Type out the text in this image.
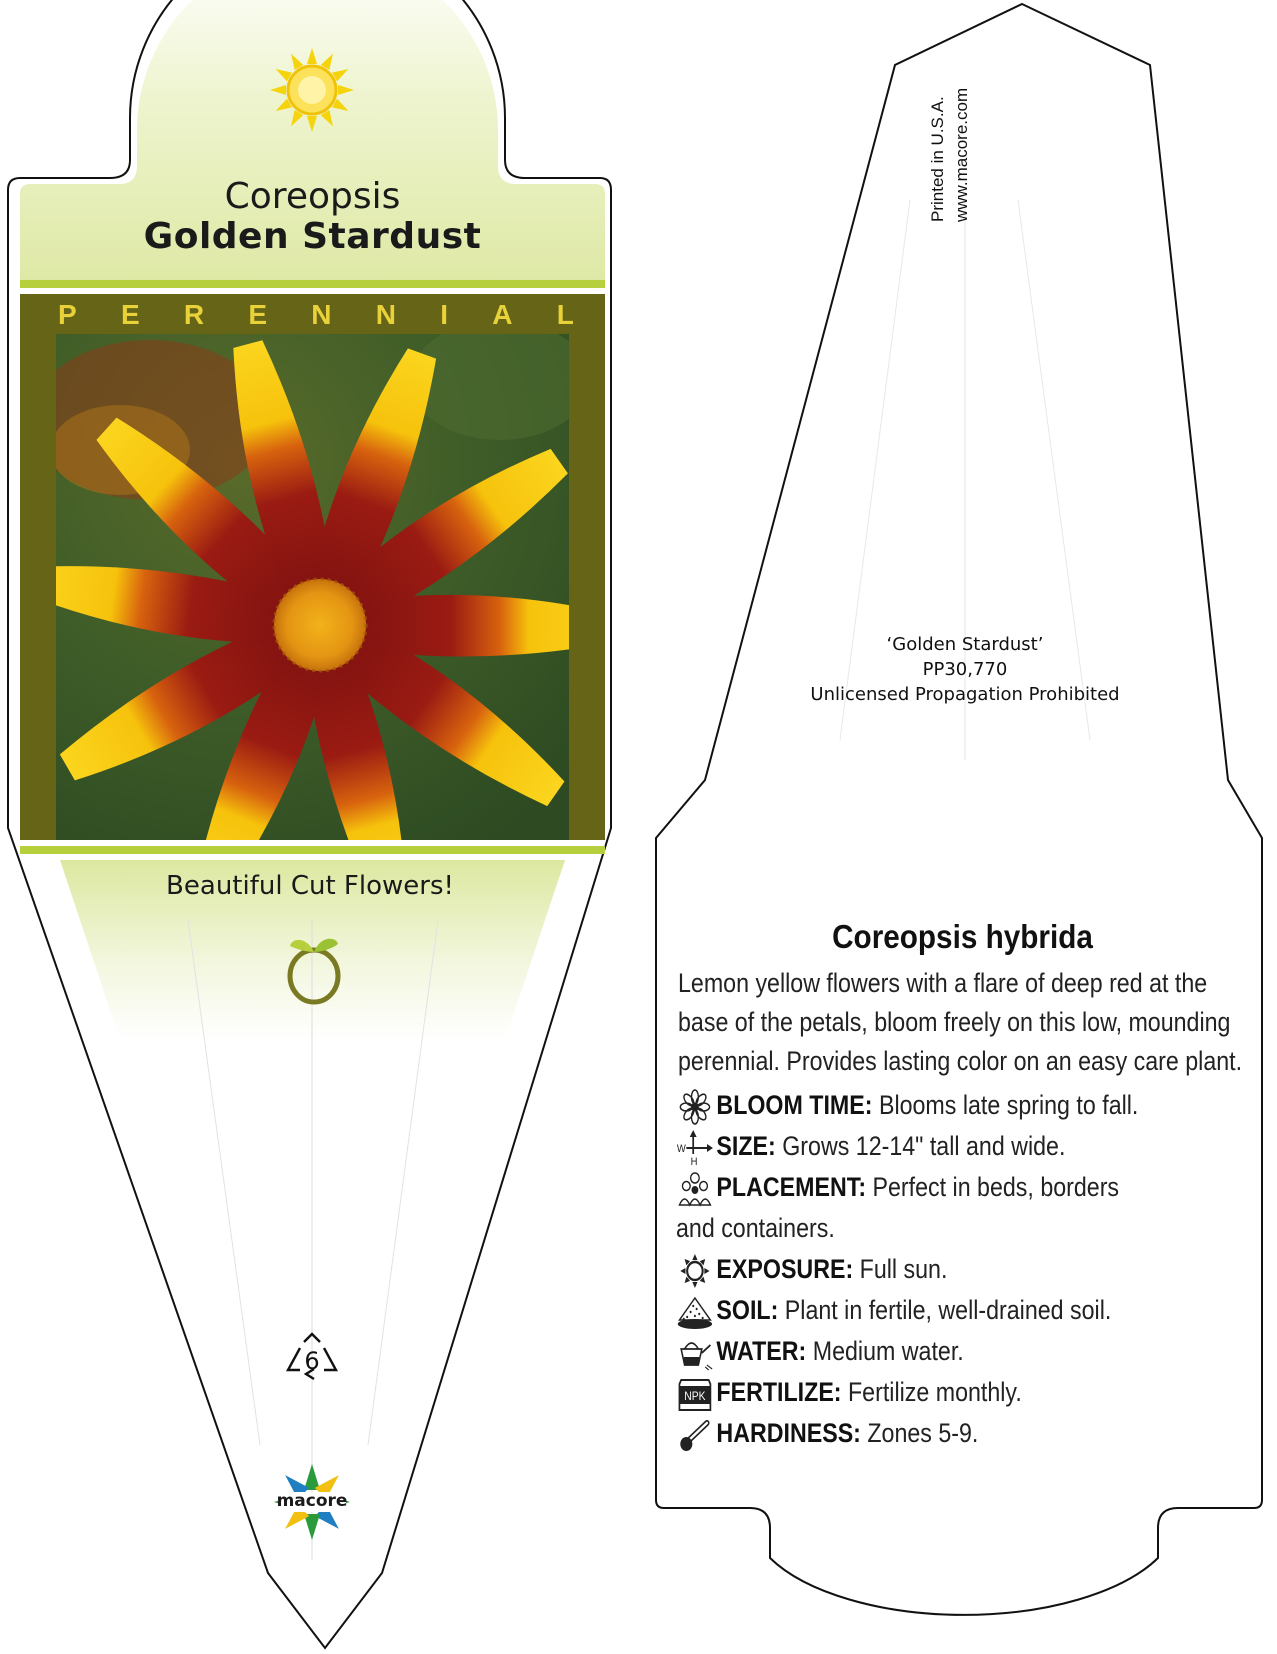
Coreopsis
Golden Stardust
P E R E N N I A L
Beautiful Cut Flowers!
6
macore
Printed in U.S.A. www.macore.com
‘Golden Stardust’
PP30,770
Unlicensed Propagation Prohibited
Coreopsis hybrida
Lemon yellow flowers with a flare of deep red at the base of the petals, bloom freely on this low, mounding perennial. Provides lasting color on an easy care plant.
BLOOM TIME: Blooms late spring to fall.
W
H
SIZE: Grows 12-14" tall and wide.
PLACEMENT: Perfect in beds, borders and containers.
EXPOSURE: Full sun.
SOIL: Plant in fertile, well-drained soil.
WATER: Medium water.
NPK FERTILIZE: Fertilize monthly.
HARDINESS: Zones 5-9.
